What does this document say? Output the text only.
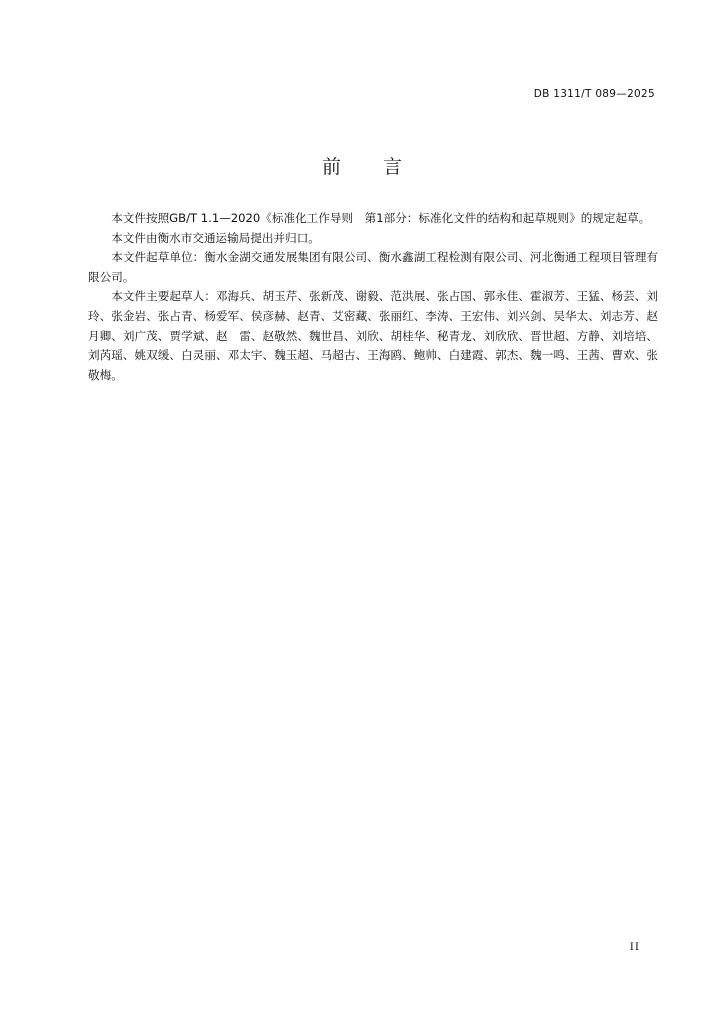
DB 1311/T 089—2025
前言

本文件按照GB/T 1.1—2020《标准化工作导则　第1部分：标准化文件的结构和起草规则》的规定起草。

本文件由衡水市交通运输局提出并归口。

本文件起草单位：衡水金湖交通发展集团有限公司、衡水鑫湖工程检测有限公司、河北衡通工程项目管理有限公司。

本文件主要起草人：邓海兵、胡玉芹、张新茂、谢毅、范洪展、张占国、郭永佳、霍淑芳、王猛、杨芸、刘玲、张金岩、张占青、杨爱军、侯彦赫、赵青、艾密藏、张丽红、李涛、王宏伟、刘兴剑、吴华太、刘志芳、赵月卿、刘广茂、贾学斌、赵　雷、赵敬然、魏世昌、刘欣、胡桂华、秘青龙、刘欣欣、晋世超、方静、刘培培、刘芮瑶、姚双缓、白灵丽、邓太宇、魏玉超、马超古、王海鸥、鲍帅、白建霞、郭杰、魏一鸣、王茜、曹欢、张敬梅。

II
